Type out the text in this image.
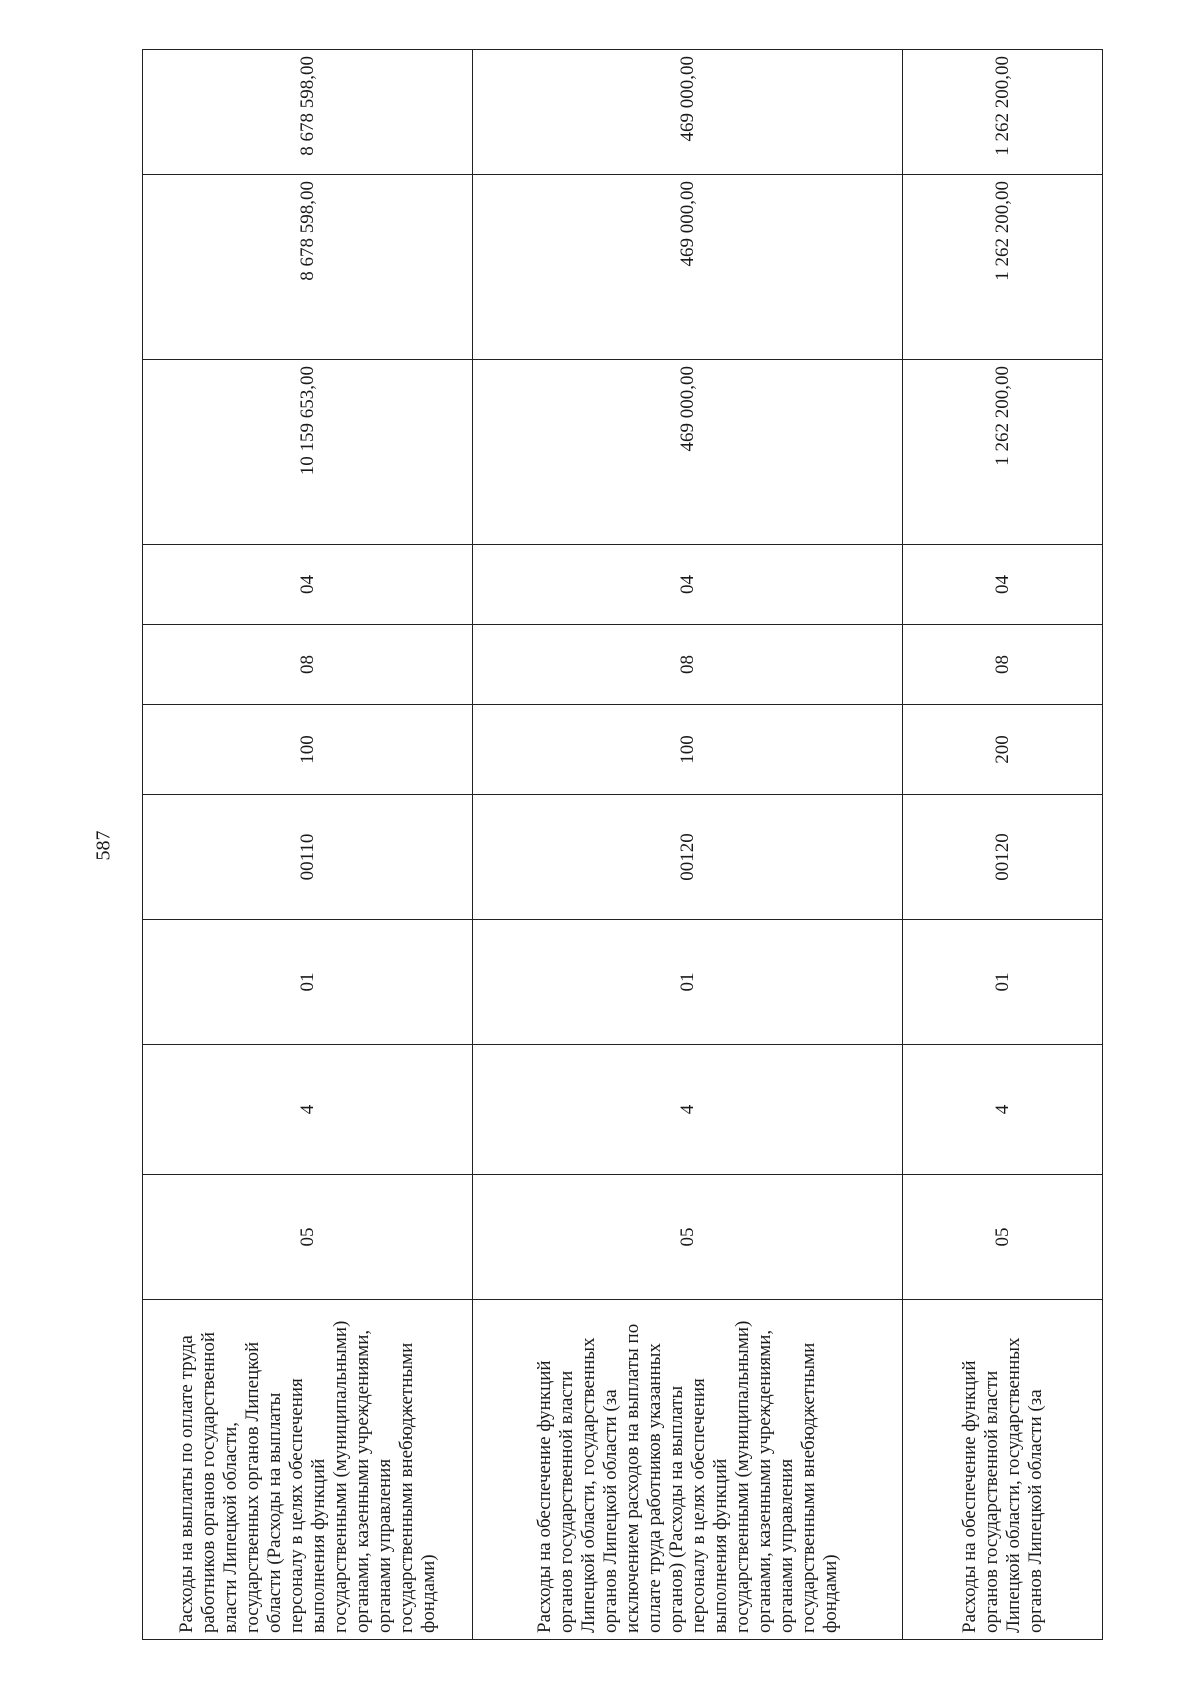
587
Расходы на выплаты по оплате труда работников органов государственной власти Липецкой области, государственных органов Липецкой области (Расходы на выплаты персоналу в целях обеспечения выполнения функций государственными (муниципальными) органами, казенными учреждениями, органами управления государственными внебюджетными фондами)	05	4	01	00110	100	08	04	10 159 653,00	8 678 598,00	8 678 598,00
Расходы на обеспечение функций органов государственной власти Липецкой области, государственных органов Липецкой области (за исключением расходов на выплаты по оплате труда работников указанных органов) (Расходы на выплаты персоналу в целях обеспечения выполнения функций государственными (муниципальными) органами, казенными учреждениями, органами управления государственными внебюджетными фондами)	05	4	01	00120	100	08	04	469 000,00	469 000,00	469 000,00
Расходы на обеспечение функций органов государственной власти Липецкой области, государственных органов Липецкой области (за	05	4	01	00120	200	08	04	1 262 200,00	1 262 200,00	1 262 200,00
